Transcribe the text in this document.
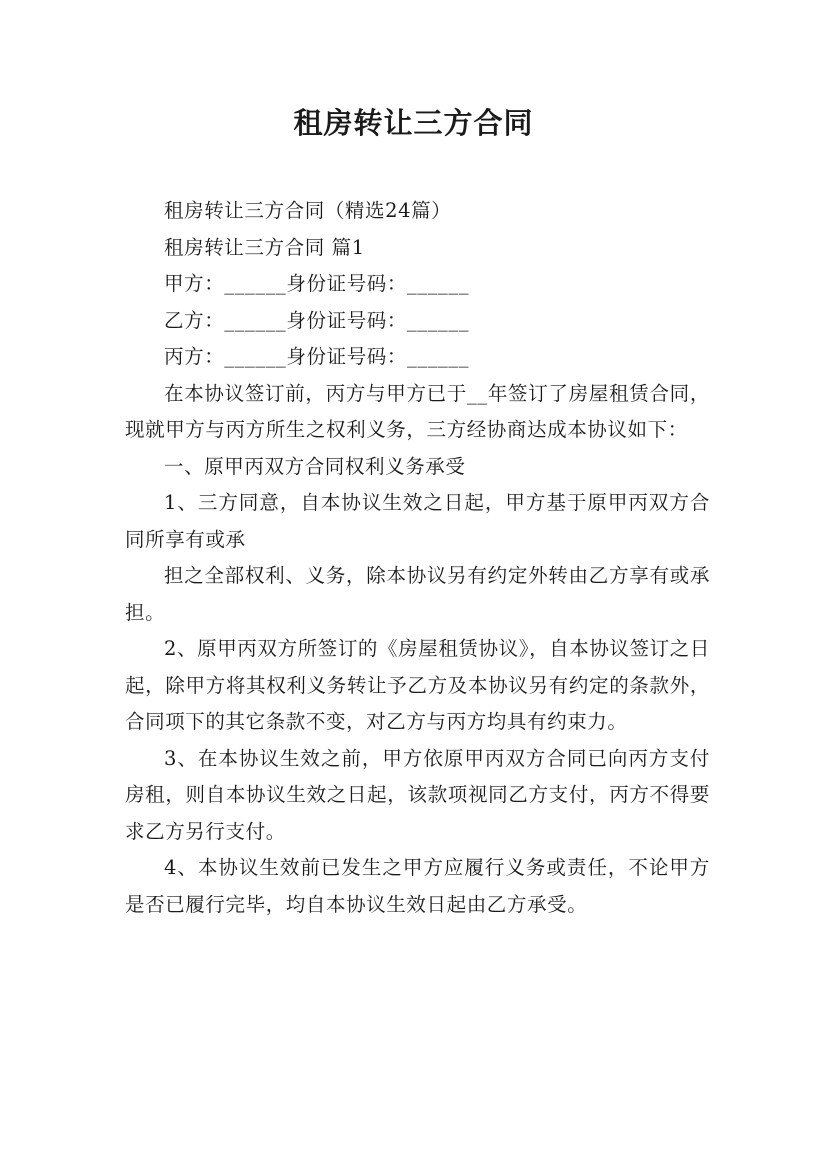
租房转让三方合同

租房转让三方合同（精选24篇）

租房转让三方合同 篇1

甲方：______身份证号码：______

乙方：______身份证号码：______

丙方：______身份证号码：______

在本协议签订前，丙方与甲方已于__年签订了房屋租赁合同，现就甲方与丙方所生之权利义务，三方经协商达成本协议如下：

一、原甲丙双方合同权利义务承受

1、三方同意，自本协议生效之日起，甲方基于原甲丙双方合同所享有或承

担之全部权利、义务，除本协议另有约定外转由乙方享有或承担。

2、原甲丙双方所签订的《房屋租赁协议》，自本协议签订之日起，除甲方将其权利义务转让予乙方及本协议另有约定的条款外，合同项下的其它条款不变，对乙方与丙方均具有约束力。

3、在本协议生效之前，甲方依原甲丙双方合同已向丙方支付房租，则自本协议生效之日起，该款项视同乙方支付，丙方不得要求乙方另行支付。

4、本协议生效前已发生之甲方应履行义务或责任，不论甲方是否已履行完毕，均自本协议生效日起由乙方承受。
